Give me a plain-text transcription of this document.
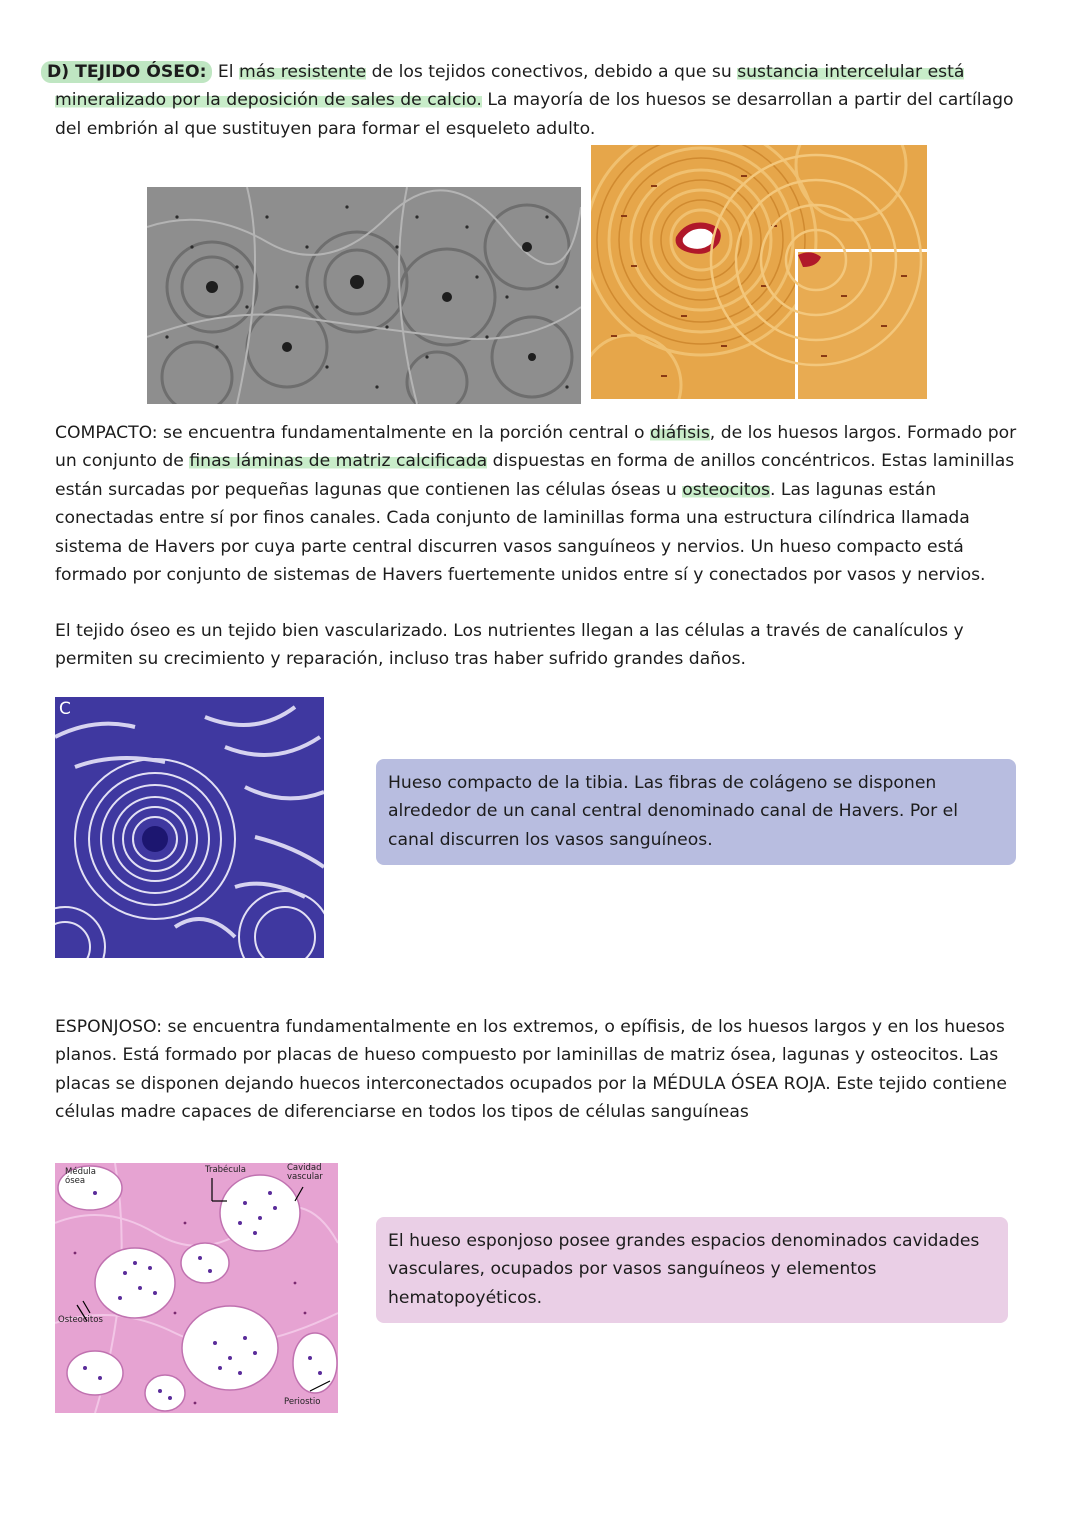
D) TEJIDO ÓSEO: El más resistente de los tejidos conectivos, debido a que su sustancia intercelular está mineralizado por la deposición de sales de calcio. La mayoría de los huesos se desarrollan a partir del cartílago del embrión al que sustituyen para formar el esqueleto adulto.

COMPACTO: se encuentra fundamentalmente en la porción central o diáfisis, de los huesos largos. Formado por un conjunto de finas láminas de matriz calcificada dispuestas en forma de anillos concéntricos. Estas laminillas están surcadas por pequeñas lagunas que contienen las células óseas u osteocitos. Las lagunas están conectadas entre sí por finos canales. Cada conjunto de laminillas forma una estructura cilíndrica llamada sistema de Havers por cuya parte central discurren vasos sanguíneos y nervios. Un hueso compacto está formado por conjunto de sistemas de Havers fuertemente unidos entre sí y conectados por vasos y nervios.

El tejido óseo es un tejido bien vascularizado. Los nutrientes llegan a las células a través de canalículos y permiten su crecimiento y reparación, incluso tras haber sufrido grandes daños.

C
Hueso compacto de la tibia. Las fibras de colágeno se disponen alrededor de un canal central denominado canal de Havers. Por el canal discurren los vasos sanguíneos.

ESPONJOSO: se encuentra fundamentalmente en los extremos, o epífisis, de los huesos largos y en los huesos planos. Está formado por placas de hueso compuesto por laminillas de matriz ósea, lagunas y osteocitos. Las placas se disponen dejando huecos interconectados ocupados por la MÉDULA ÓSEA ROJA. Este tejido contiene células madre capaces de diferenciarse en todos los tipos de células sanguíneas

Médula ósea
Trabécula	Cavidad vascular
Osteocitos
Periostio
El hueso esponjoso posee grandes espacios denominados cavidades vasculares, ocupados por vasos sanguíneos y elementos hematopoyéticos.
